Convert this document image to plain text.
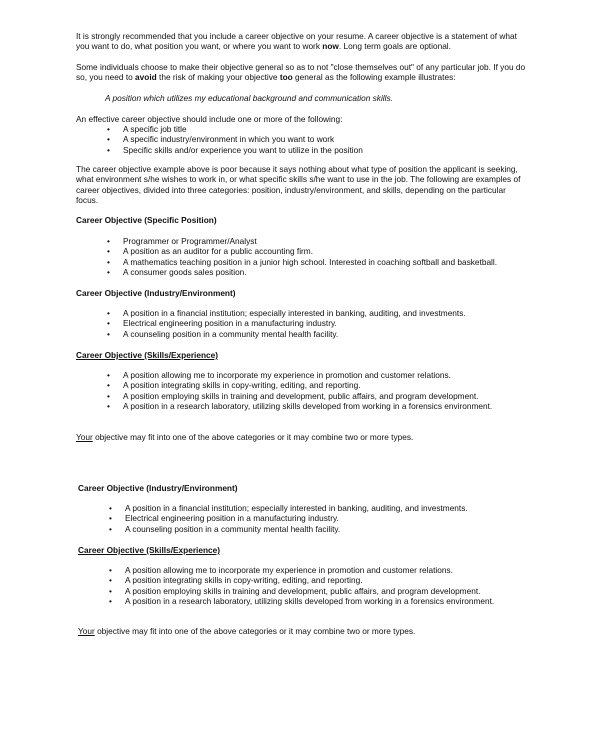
It is strongly recommended that you include a career objective on your resume. A career objective is a statement of what you want to do, what position you want, or where you want to work now. Long term goals are optional.

Some individuals choose to make their objective general so as to not "close themselves out" of any particular job. If you do so, you need to avoid the risk of making your objective too general as the following example illustrates:

A position which utilizes my educational background and communication skills.

An effective career objective should include one or more of the following:

• A specific job title
• A specific industry/environment in which you want to work
• Specific skills and/or experience you want to utilize in the position

The career objective example above is poor because it says nothing about what type of position the applicant is seeking, what environment s/he wishes to work in, or what specific skills s/he want to use in the job. The following are examples of career objectives, divided into three categories: position, industry/environment, and skills, depending on the particular focus.

Career Objective (Specific Position)

• Programmer or Programmer/Analyst
• A position as an auditor for a public accounting firm.
• A mathematics teaching position in a junior high school. Interested in coaching softball and basketball.
• A consumer goods sales position.

Career Objective (Industry/Environment)

• A position in a financial institution; especially interested in banking, auditing, and investments.
• Electrical engineering position in a manufacturing industry.
• A counseling position in a community mental health facility.

Career Objective (Skills/Experience)

• A position allowing me to incorporate my experience in promotion and customer relations.
• A position integrating skills in copy-writing, editing, and reporting.
• A position employing skills in training and development, public affairs, and program development.
• A position in a research laboratory, utilizing skills developed from working in a forensics environment.

Your objective may fit into one of the above categories or it may combine two or more types.

Career Objective (Industry/Environment)

• A position in a financial institution; especially interested in banking, auditing, and investments.
• Electrical engineering position in a manufacturing industry.
• A counseling position in a community mental health facility.

Career Objective (Skills/Experience)

• A position allowing me to incorporate my experience in promotion and customer relations.
• A position integrating skills in copy-writing, editing, and reporting.
• A position employing skills in training and development, public affairs, and program development.
• A position in a research laboratory, utilizing skills developed from working in a forensics environment.

Your objective may fit into one of the above categories or it may combine two or more types.
